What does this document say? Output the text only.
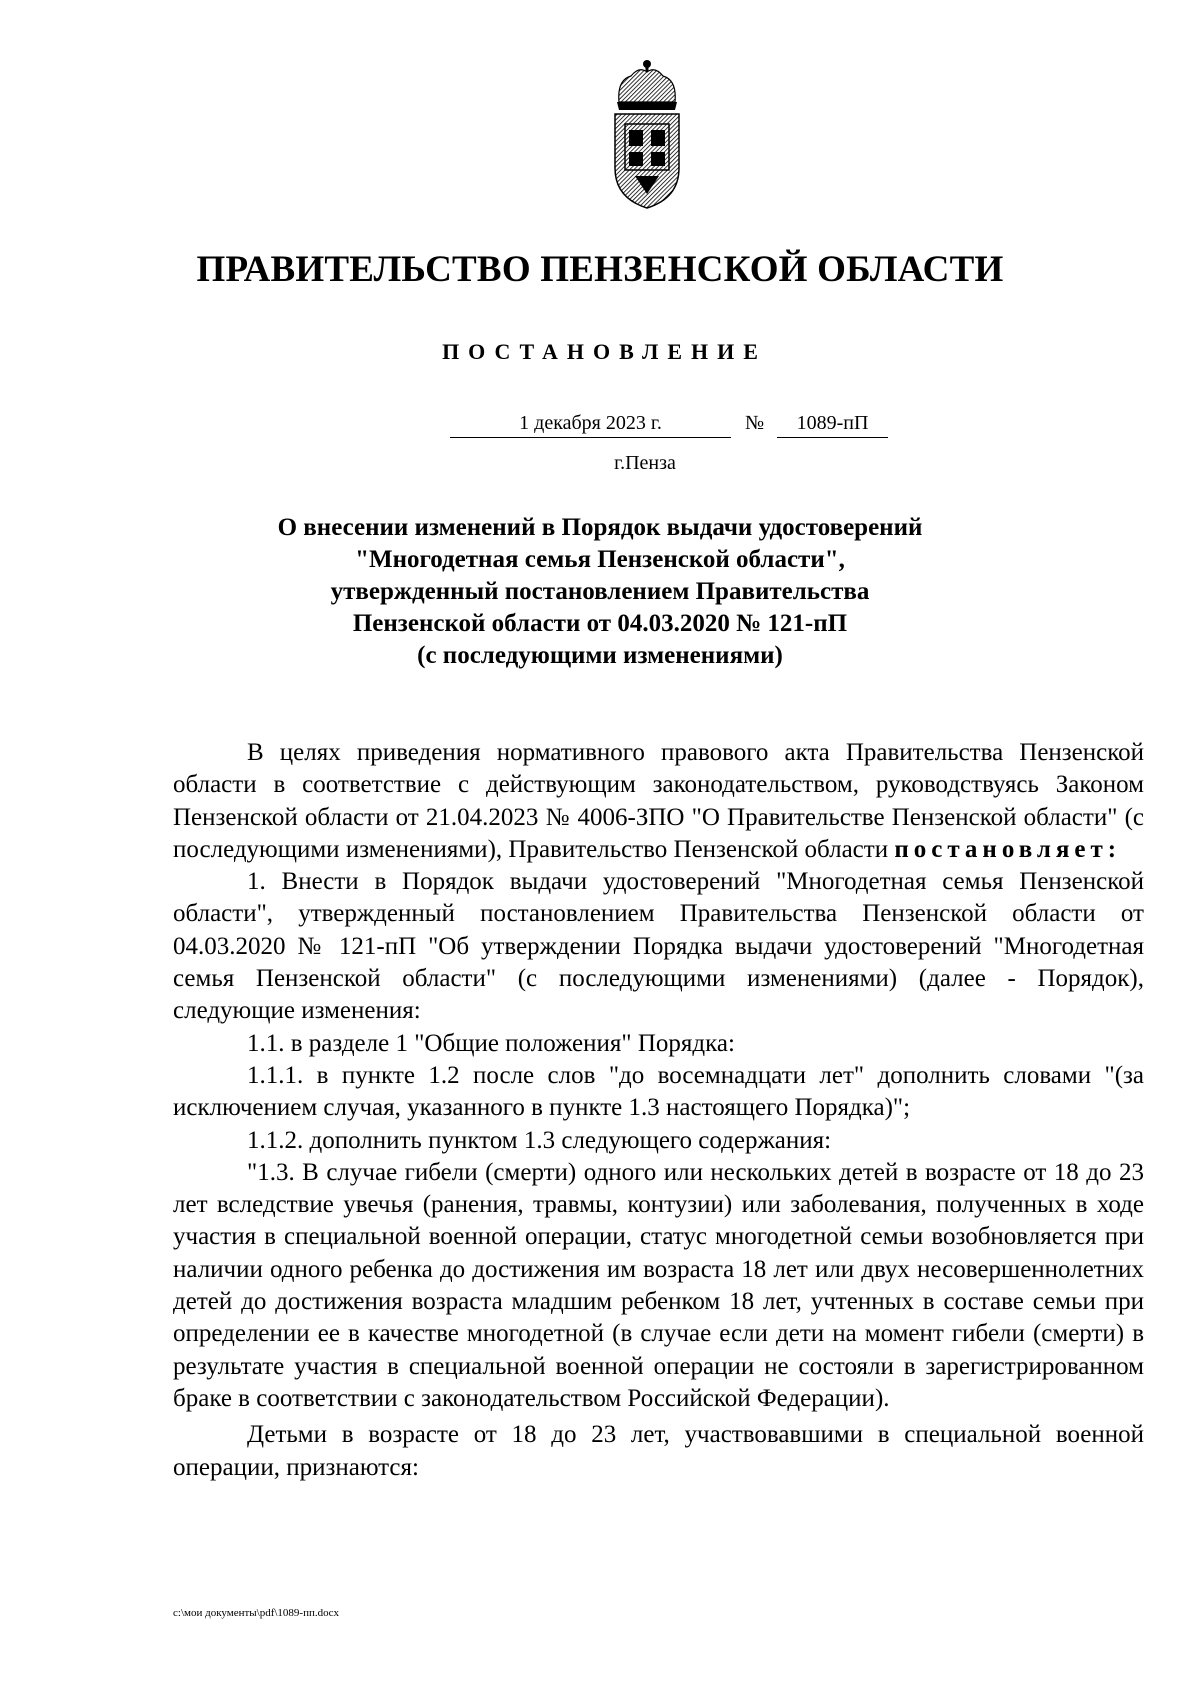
ПРАВИТЕЛЬСТВО ПЕНЗЕНСКОЙ ОБЛАСТИ
ПОСТАНОВЛЕНИЕ
1 декабря 2023 г.	№	1089-пП
г.Пенза
О внесении изменений в Порядок выдачи удостоверений
"Многодетная семья Пензенской области",
утвержденный постановлением Правительства
Пензенской области от 04.03.2020 № 121-пП
(с последующими изменениями)

В целях приведения нормативного правового акта Правительства Пензенской области в соответствие с действующим законодательством, руководствуясь Законом Пензенской области от 21.04.2023 № 4006-ЗПО "О Правительстве Пензенской области" (с последующими изменениями), Правительство Пензенской области постановляет:

1. Внести в Порядок выдачи удостоверений "Многодетная семья Пензенской области", утвержденный постановлением Правительства Пензенской области от 04.03.2020 № 121-пП "Об утверждении Порядка выдачи удостоверений "Многодетная семья Пензенской области" (с последующими изменениями) (далее - Порядок), следующие изменения:

1.1. в разделе 1 "Общие положения" Порядка:

1.1.1. в пункте 1.2 после слов "до восемнадцати лет" дополнить словами "(за исключением случая, указанного в пункте 1.3 настоящего Порядка)";

1.1.2. дополнить пунктом 1.3 следующего содержания:

"1.3. В случае гибели (смерти) одного или нескольких детей в возрасте от 18 до 23 лет вследствие увечья (ранения, травмы, контузии) или заболевания, полученных в ходе участия в специальной военной операции, статус многодетной семьи возобновляется при наличии одного ребенка до достижения им возраста 18 лет или двух несовершеннолетних детей до достижения возраста младшим ребенком 18 лет, учтенных в составе семьи при определении ее в качестве многодетной (в случае если дети на момент гибели (смерти) в результате участия в специальной военной операции не состояли в зарегистрированном браке в соответствии с законодательством Российской Федерации).

Детьми в возрасте от 18 до 23 лет, участвовавшими в специальной военной операции, признаются:

c:\мои документы\pdf\1089-пп.docx
